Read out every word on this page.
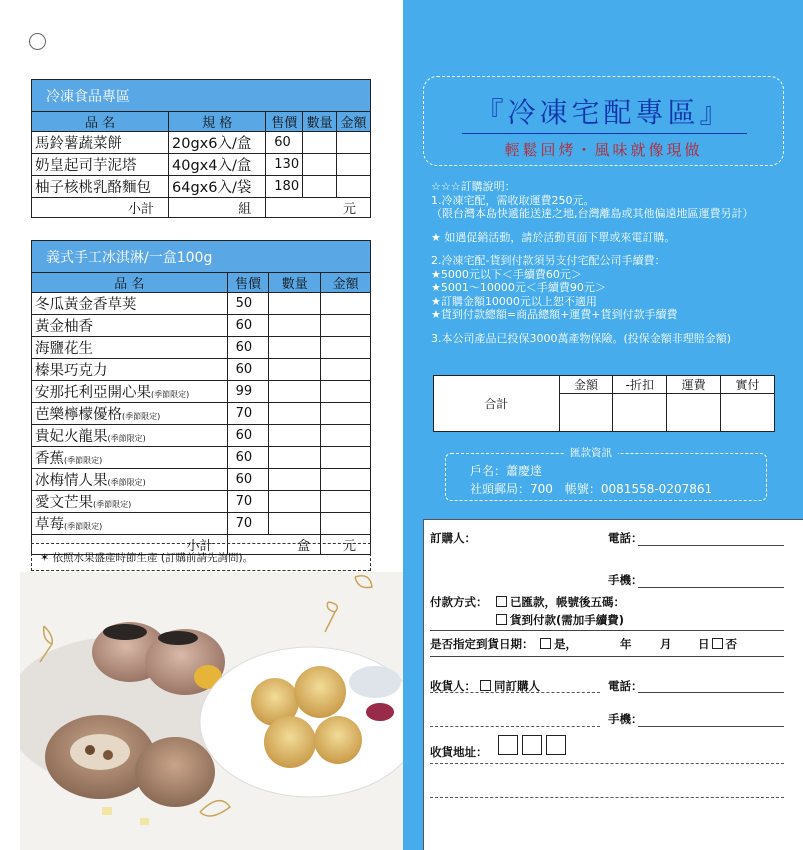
冷凍食品專區				
品 名	規 格	售價	數量	金額
馬鈴薯蔬菜餅	20gx6入/盒	60		
奶皇起司芋泥塔	40gx4入/盒	130		
柚子核桃乳酪麵包	64gx6入/袋	180		
小計	組	元		
義式手工冰淇淋/一盒100g			
品 名	售價	數量	金額
冬瓜黃金香草荚	50		
黃金柚香	60		
海鹽花生	60		
榛果巧克力	60		
安那托利亞開心果(季節限定)	99		
芭樂檸檬優格(季節限定)	70		
貴妃火龍果(季節限定)	60		
香蕉(季節限定)	60		
冰梅情人果(季節限定)	60		
愛文芒果(季節限定)	70		
草莓(季節限定)	70		
小計	盒		元
✶ 依照水果盛產時節生產 (訂購前請先詢問)。
『冷凍宅配專區』
輕鬆回烤・風味就像現做
☆☆☆訂購說明：
1.冷凍宅配，需收取運費250元。
（限台灣本島快遞能送達之地,台灣離島或其他偏遠地區運費另計）
★ 如遇促銷活動，請於活動頁面下單或來電訂購。
2.冷凍宅配-貨到付款須另支付宅配公司手續費：
★5000元以下＜手續費60元＞
★5001～10000元＜手續費90元＞
★訂購金額10000元以上恕不適用
★貨到付款總額=商品總額+運費+貨到付款手續費
3.本公司產品已投保3000萬產物保險。(投保金額非理賠金額)
合計	金額	-折扣	運費	實付

匯款資訊
戶名：蕭慶達
社頭郵局：700　帳號：0081558-0207861
訂購人：	電話：
手機：
付款方式：	已匯款，帳號後五碼：
貨到付款(需加手續費)
是否指定到貨日期：	是，	年 月 日 否
收貨人：	同訂購人	電話：
手機：
收貨地址：
